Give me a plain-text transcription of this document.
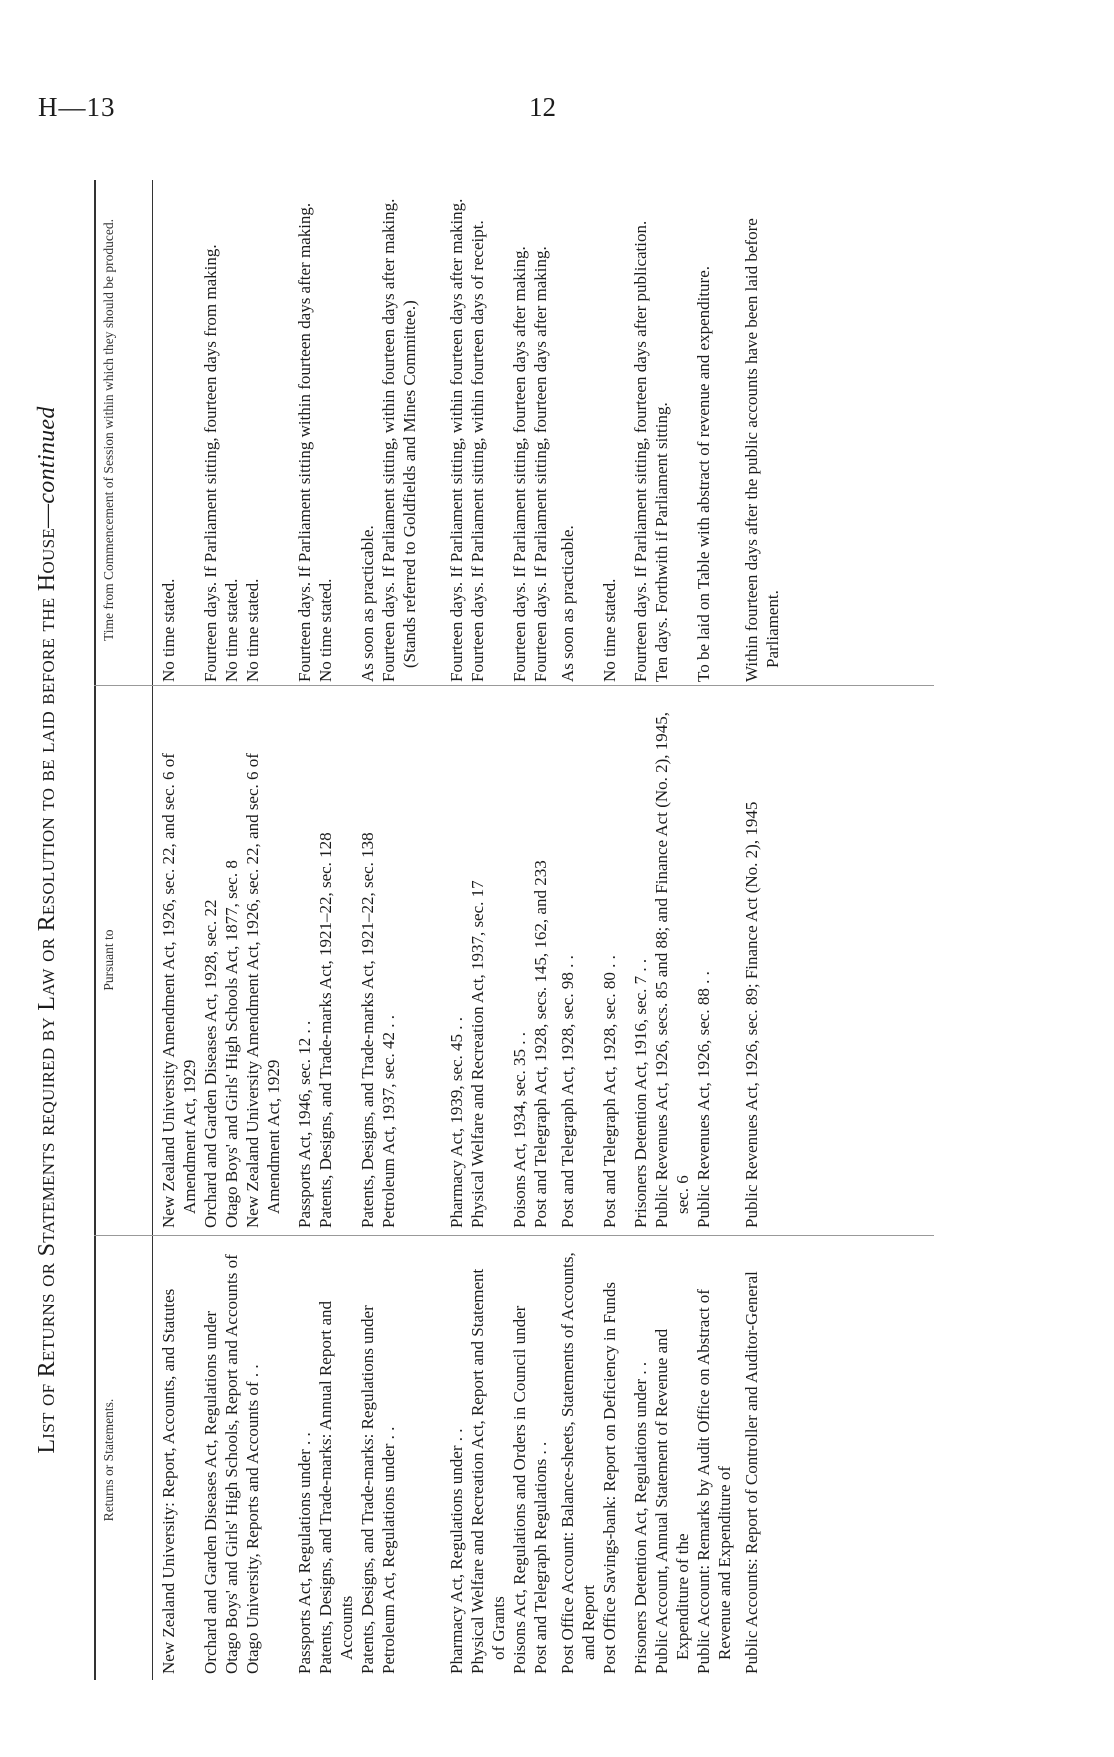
H—13	12
List of Returns or Statements required by Law or Resolution to be laid before the House—continued
Returns or Statements.
Pursuant to
Time from Commencement of Session within which they should be produced.
New Zealand University: Report, Accounts, and Statutes
New Zealand University Amendment Act, 1926, sec. 22, and sec. 6 of Amendment Act, 1929
No time stated.
Orchard and Garden Diseases Act, Regulations under
Orchard and Garden Diseases Act, 1928, sec. 22
Fourteen days. If Parliament sitting, fourteen days from making.
Otago Boys' and Girls' High Schools, Report and Accounts of
Otago Boys' and Girls' High Schools Act, 1877, sec. 8
No time stated.
Otago University, Reports and Accounts of . .
New Zealand University Amendment Act, 1926, sec. 22, and sec. 6 of Amendment Act, 1929
No time stated.
Passports Act, Regulations under . .
Passports Act, 1946, sec. 12 . .
Fourteen days. If Parliament sitting within fourteen days after making.
Patents, Designs, and Trade-marks: Annual Report and Accounts
Patents, Designs, and Trade-marks Act, 1921–22, sec. 128
No time stated.
Patents, Designs, and Trade-marks: Regulations under
Patents, Designs, and Trade-marks Act, 1921–22, sec. 138
As soon as practicable.
Petroleum Act, Regulations under . .
Petroleum Act, 1937, sec. 42 . .
Fourteen days. If Parliament sitting, within fourteen days after making. (Stands referred to Goldfields and Mines Committee.)
Pharmacy Act, Regulations under . .
Pharmacy Act, 1939, sec. 45 . .
Fourteen days. If Parliament sitting, within fourteen days after making.
Physical Welfare and Recreation Act, Report and Statement of Grants
Physical Welfare and Recreation Act, 1937, sec. 17
Fourteen days. If Parliament sitting, within fourteen days of receipt.
Poisons Act, Regulations and Orders in Council under
Poisons Act, 1934, sec. 35 . .
Fourteen days. If Parliament sitting, fourteen days after making.
Post and Telegraph Regulations . .
Post and Telegraph Act, 1928, secs. 145, 162, and 233
Fourteen days. If Parliament sitting, fourteen days after making.
Post Office Account: Balance-sheets, Statements of Accounts, and Report
Post and Telegraph Act, 1928, sec. 98 . .
As soon as practicable.
Post Office Savings-bank: Report on Deficiency in Funds
Post and Telegraph Act, 1928, sec. 80 . .
No time stated.
Prisoners Detention Act, Regulations under . .
Prisoners Detention Act, 1916, sec. 7 . .
Fourteen days. If Parliament sitting, fourteen days after publication.
Public Account, Annual Statement of Revenue and Expenditure of the
Public Revenues Act, 1926, secs. 85 and 88; and Finance Act (No. 2), 1945, sec. 6
Ten days. Forthwith if Parliament sitting.
Public Account: Remarks by Audit Office on Abstract of Revenue and Expenditure of
Public Revenues Act, 1926, sec. 88 . .
To be laid on Table with abstract of revenue and expenditure.
Public Accounts: Report of Controller and Auditor-General
Public Revenues Act, 1926, sec. 89; Finance Act (No. 2), 1945
Within fourteen days after the public accounts have been laid before Parliament.
